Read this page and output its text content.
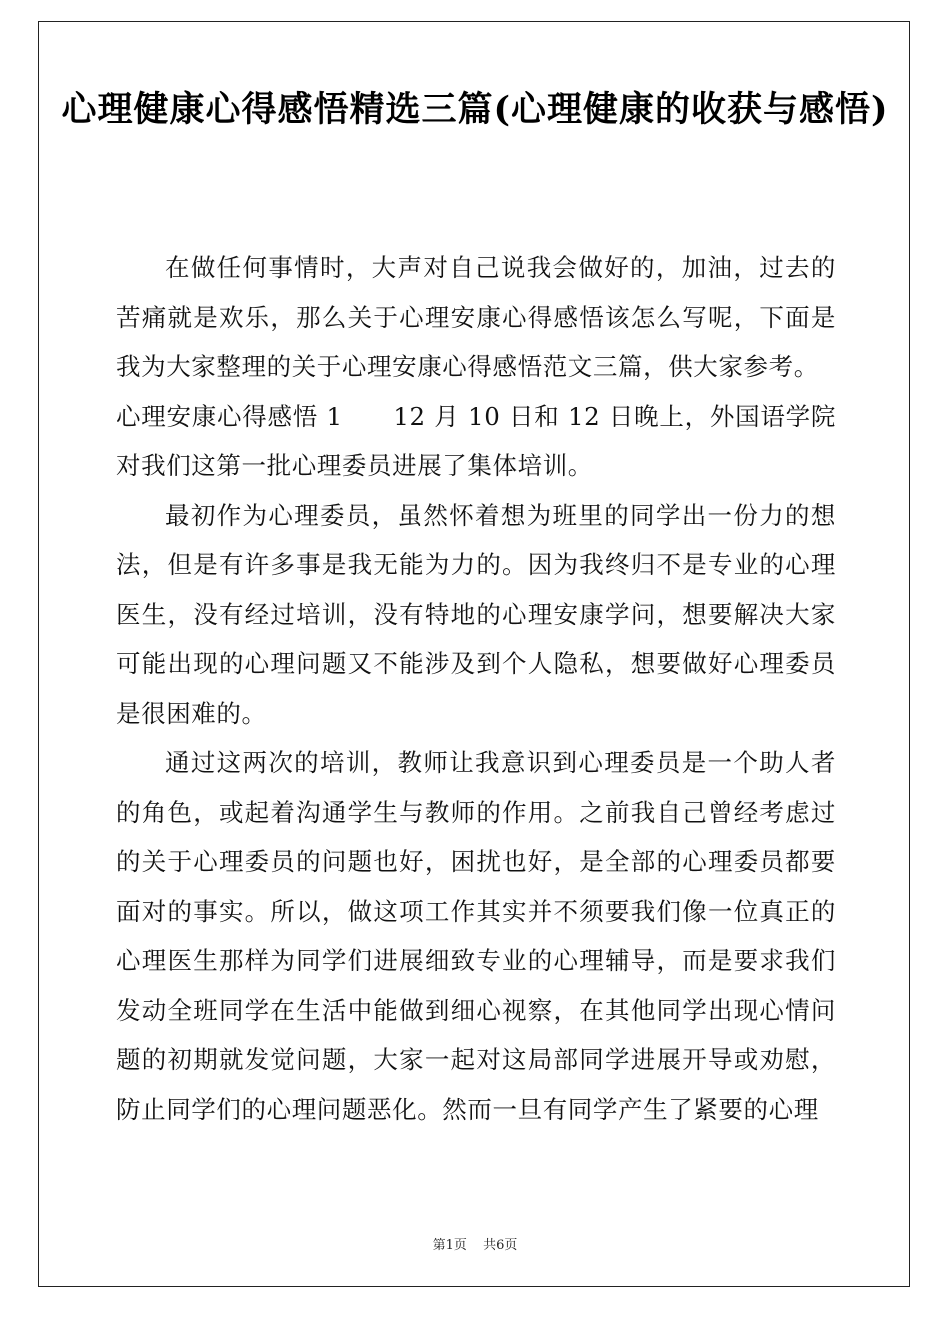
心理健康心得感悟精选三篇(心理健康的收获与感悟)

在做任何事情时，大声对自己说我会做好的，加油，过去的苦痛就是欢乐，那么关于心理安康心得感悟该怎么写呢，下面是我为大家整理的关于心理安康心得感悟范文三篇，供大家参考。

心理安康心得感悟 1　　12 月 10 日和 12 日晚上，外国语学院对我们这第一批心理委员进展了集体培训。

最初作为心理委员，虽然怀着想为班里的同学出一份力的想法，但是有许多事是我无能为力的。因为我终归不是专业的心理医生，没有经过培训，没有特地的心理安康学问，想要解决大家可能出现的心理问题又不能涉及到个人隐私，想要做好心理委员是很困难的。

通过这两次的培训，教师让我意识到心理委员是一个助人者的角色，或起着沟通学生与教师的作用。之前我自己曾经考虑过的关于心理委员的问题也好，困扰也好，是全部的心理委员都要面对的事实。所以，做这项工作其实并不须要我们像一位真正的心理医生那样为同学们进展细致专业的心理辅导，而是要求我们发动全班同学在生活中能做到细心视察，在其他同学出现心情问题的初期就发觉问题，大家一起对这局部同学进展开导或劝慰，防止同学们的心理问题恶化。然而一旦有同学产生了紧要的心理

第1页 共6页
